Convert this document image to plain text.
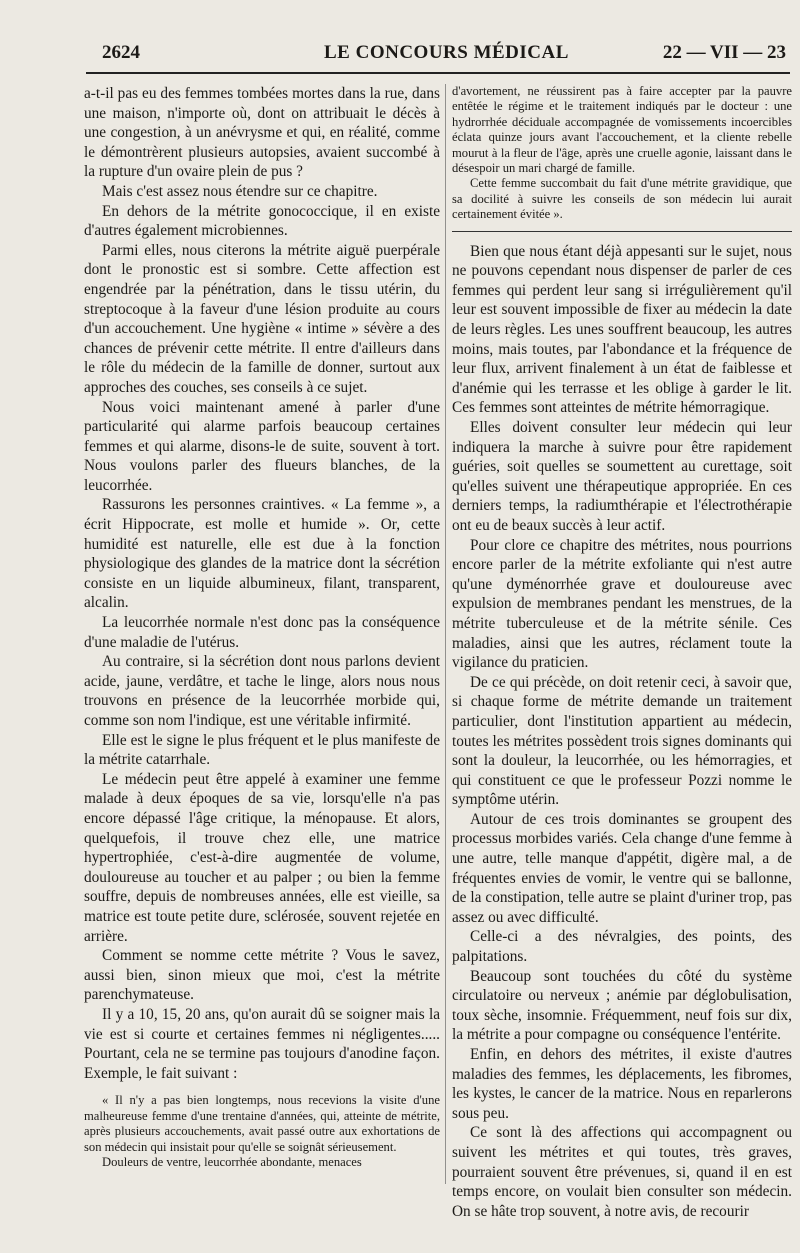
2624	LE CONCOURS MÉDICAL	22 — VII — 23

a-t-il pas eu des femmes tombées mortes dans la rue, dans une maison, n'importe où, dont on attribuait le décès à une congestion, à un anévrysme et qui, en réalité, comme le démontrèrent plusieurs autopsies, avaient succombé à la rupture d'un ovaire plein de pus ?

Mais c'est assez nous étendre sur ce chapitre.

En dehors de la métrite gonococcique, il en existe d'autres également microbiennes.

Parmi elles, nous citerons la métrite aiguë puerpérale dont le pronostic est si sombre. Cette affection est engendrée par la pénétration, dans le tissu utérin, du streptocoque à la faveur d'une lésion produite au cours d'un accouchement. Une hygiène « intime » sévère a des chances de prévenir cette métrite. Il entre d'ailleurs dans le rôle du médecin de la famille de donner, surtout aux approches des couches, ses conseils à ce sujet.

Nous voici maintenant amené à parler d'une particularité qui alarme parfois beaucoup certaines femmes et qui alarme, disons-le de suite, souvent à tort. Nous voulons parler des flueurs blanches, de la leucorrhée.

Rassurons les personnes craintives. « La femme », a écrit Hippocrate, est molle et humide ». Or, cette humidité est naturelle, elle est due à la fonction physiologique des glandes de la matrice dont la sécrétion consiste en un liquide albumineux, filant, transparent, alcalin.

La leucorrhée normale n'est donc pas la conséquence d'une maladie de l'utérus.

Au contraire, si la sécrétion dont nous parlons devient acide, jaune, verdâtre, et tache le linge, alors nous nous trouvons en présence de la leucorrhée morbide qui, comme son nom l'indique, est une véritable infirmité.

Elle est le signe le plus fréquent et le plus manifeste de la métrite catarrhale.

Le médecin peut être appelé à examiner une femme malade à deux époques de sa vie, lorsqu'elle n'a pas encore dépassé l'âge critique, la ménopause. Et alors, quelquefois, il trouve chez elle, une matrice hypertrophiée, c'est-à-dire augmentée de volume, douloureuse au toucher et au palper ; ou bien la femme souffre, depuis de nombreuses années, elle est vieille, sa matrice est toute petite dure, sclérosée, souvent rejetée en arrière.

Comment se nomme cette métrite ? Vous le savez, aussi bien, sinon mieux que moi, c'est la métrite parenchymateuse.

Il y a 10, 15, 20 ans, qu'on aurait dû se soigner mais la vie est si courte et certaines femmes ni négligentes..... Pourtant, cela ne se termine pas toujours d'anodine façon. Exemple, le fait suivant :

« Il n'y a pas bien longtemps, nous recevions la visite d'une malheureuse femme d'une trentaine d'années, qui, atteinte de métrite, après plusieurs accouchements, avait passé outre aux exhortations de son médecin qui insistait pour qu'elle se soignât sérieusement.

Douleurs de ventre, leucorrhée abondante, menaces

d'avortement, ne réussirent pas à faire accepter par la pauvre entêtée le régime et le traitement indiqués par le docteur : une hydrorrhée déciduale accompagnée de vomissements incoercibles éclata quinze jours avant l'accouchement, et la cliente rebelle mourut à la fleur de l'âge, après une cruelle agonie, laissant dans le désespoir un mari chargé de famille.

Cette femme succombait du fait d'une métrite gravidique, que sa docilité à suivre les conseils de son médecin lui aurait certainement évitée ».

Bien que nous étant déjà appesanti sur le sujet, nous ne pouvons cependant nous dispenser de parler de ces femmes qui perdent leur sang si irrégulièrement qu'il leur est souvent impossible de fixer au médecin la date de leurs règles. Les unes souffrent beaucoup, les autres moins, mais toutes, par l'abondance et la fréquence de leur flux, arrivent finalement à un état de faiblesse et d'anémie qui les terrasse et les oblige à garder le lit. Ces femmes sont atteintes de métrite hémorragique.

Elles doivent consulter leur médecin qui leur indiquera la marche à suivre pour être rapidement guéries, soit quelles se soumettent au curettage, soit qu'elles suivent une thérapeutique appropriée. En ces derniers temps, la radiumthérapie et l'électrothérapie ont eu de beaux succès à leur actif.

Pour clore ce chapitre des métrites, nous pourrions encore parler de la métrite exfoliante qui n'est autre qu'une dyménorrhée grave et douloureuse avec expulsion de membranes pendant les menstrues, de la métrite tuberculeuse et de la métrite sénile. Ces maladies, ainsi que les autres, réclament toute la vigilance du praticien.

De ce qui précède, on doit retenir ceci, à savoir que, si chaque forme de métrite demande un traitement particulier, dont l'institution appartient au médecin, toutes les métrites possèdent trois signes dominants qui sont la douleur, la leucorrhée, ou les hémorragies, et qui constituent ce que le professeur Pozzi nomme le symptôme utérin.

Autour de ces trois dominantes se groupent des processus morbides variés. Cela change d'une femme à une autre, telle manque d'appétit, digère mal, a de fréquentes envies de vomir, le ventre qui se ballonne, de la constipation, telle autre se plaint d'uriner trop, pas assez ou avec difficulté.

Celle-ci a des névralgies, des points, des palpitations.

Beaucoup sont touchées du côté du système circulatoire ou nerveux ; anémie par déglobulisation, toux sèche, insomnie. Fréquemment, neuf fois sur dix, la métrite a pour compagne ou conséquence l'entérite.

Enfin, en dehors des métrites, il existe d'autres maladies des femmes, les déplacements, les fibromes, les kystes, le cancer de la matrice. Nous en reparlerons sous peu.

Ce sont là des affections qui accompagnent ou suivent les métrites et qui toutes, très graves, pourraient souvent être prévenues, si, quand il en est temps encore, on voulait bien consulter son médecin. On se hâte trop souvent, à notre avis, de recourir
